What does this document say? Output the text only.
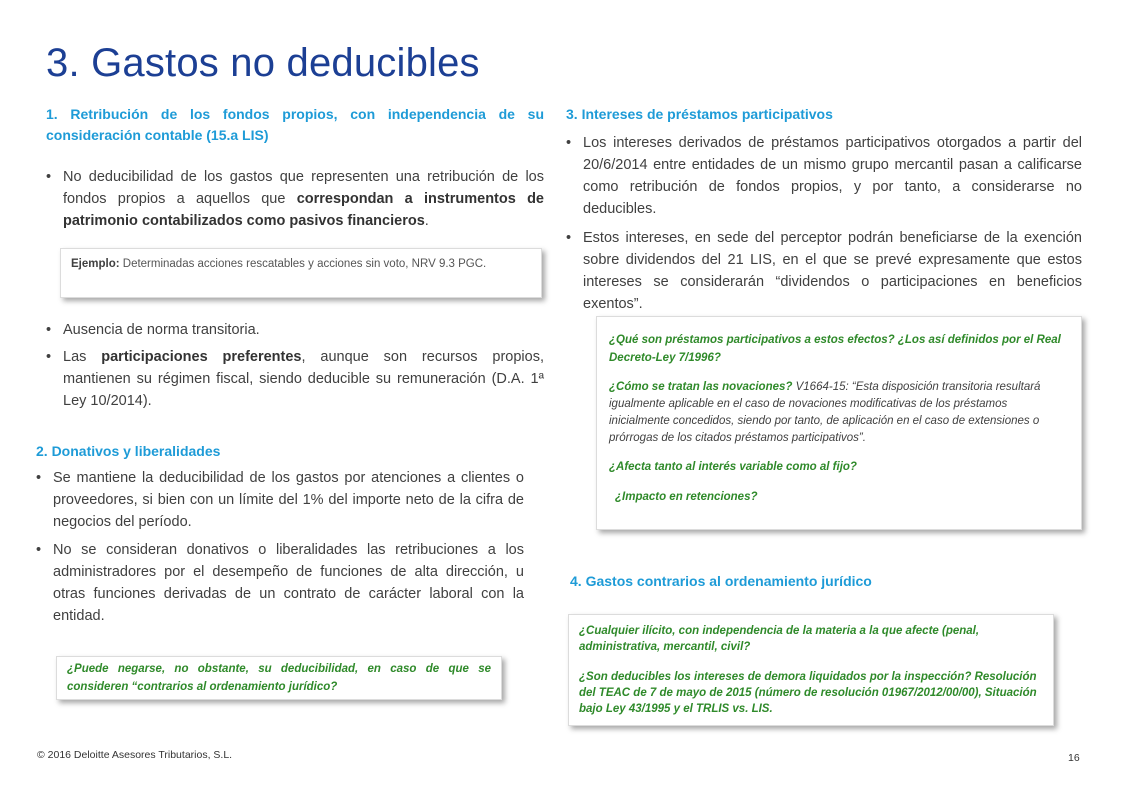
3. Gastos no deducibles

1. Retribución de los fondos propios, con independencia de su consideración contable (15.a LIS)

• No deducibilidad de los gastos que representen una retribución de los fondos propios a aquellos que correspondan a instrumentos de patrimonio contabilizados como pasivos financieros.

Ejemplo: Determinadas acciones rescatables y acciones sin voto, NRV 9.3 PGC.

• Ausencia de norma transitoria.
• Las participaciones preferentes, aunque son recursos propios, mantienen su régimen fiscal, siendo deducible su remuneración (D.A. 1ª Ley 10/2014).

2. Donativos y liberalidades

• Se mantiene la deducibilidad de los gastos por atenciones a clientes o proveedores, si bien con un límite del 1% del importe neto de la cifra de negocios del período.
• No se consideran donativos o liberalidades las retribuciones a los administradores por el desempeño de funciones de alta dirección, u otras funciones derivadas de un contrato de carácter laboral con la entidad.

¿Puede negarse, no obstante, su deducibilidad, en caso de que se consideren “contrarios al ordenamiento jurídico?

3. Intereses de préstamos participativos

• Los intereses derivados de préstamos participativos otorgados a partir del 20/6/2014 entre entidades de un mismo grupo mercantil pasan a calificarse como retribución de fondos propios, y por tanto, a considerarse no deducibles.
• Estos intereses, en sede del perceptor podrán beneficiarse de la exención sobre dividendos del 21 LIS, en el que se prevé expresamente que estos intereses se considerarán “dividendos o participaciones en beneficios exentos”.

¿Qué son préstamos participativos a estos efectos? ¿Los así definidos por el Real Decreto-Ley 7/1996?

¿Cómo se tratan las novaciones? V1664-15: “Esta disposición transitoria resultará igualmente aplicable en el caso de novaciones modificativas de los préstamos inicialmente concedidos, siendo por tanto, de aplicación en el caso de extensiones o prórrogas de los citados préstamos participativos”.

¿Afecta tanto al interés variable como al fijo?

¿Impacto en retenciones?

4. Gastos contrarios al ordenamiento jurídico

¿Cualquier ilícito, con independencia de la materia a la que afecte (penal, administrativa, mercantil, civil?

¿Son deducibles los intereses de demora liquidados por la inspección? Resolución del TEAC de 7 de mayo de 2015 (número de resolución 01967/2012/00/00), Situación bajo Ley 43/1995 y el TRLIS vs. LIS.

© 2016 Deloitte Asesores Tributarios, S.L.	16
